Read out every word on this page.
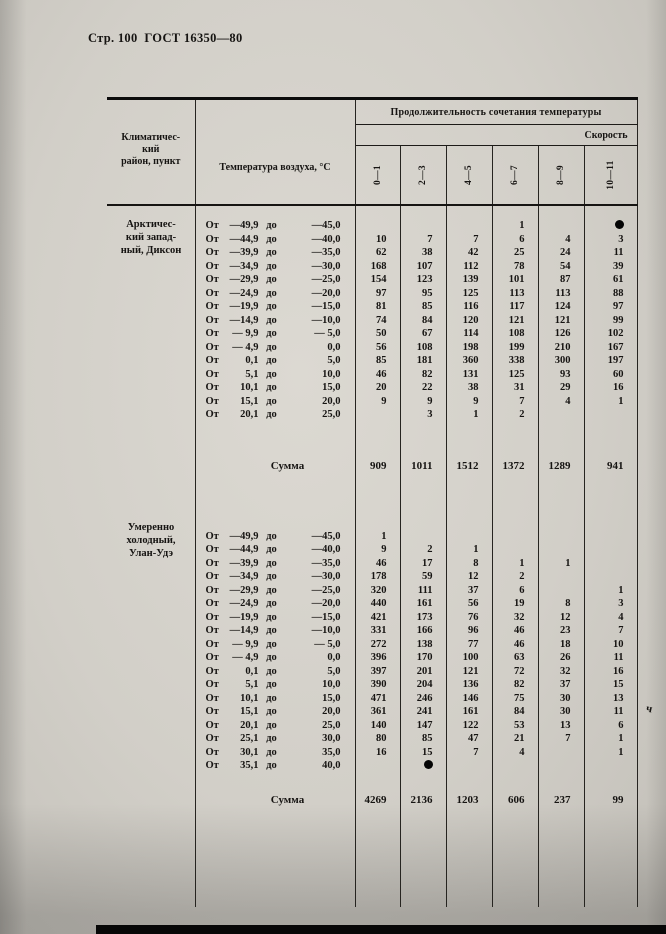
Стр. 100  ГОСТ 16350—80
Климатичес-
кий
район, пункт	Температура воздуха, °С	Продолжительность сочетания температуры					
		Скорость					

		0—1	2—3	4—5	6—7	8—9	10—11

	От —49,9 до —45,0				1		

	От —44,9 до —40,0	10	7	7	6	4	3

	От —39,9 до —35,0	62	38	42	25	24	11

	От —34,9 до —30,0	168	107	112	78	54	39

	От —29,9 до —25,0	154	123	139	101	87	61

	От —24,9 до —20,0	97	95	125	113	113	88

	От —19,9 до —15,0	81	85	116	117	124	97

	От —14,9 до —10,0	74	84	120	121	121	99

	От — 9,9 до — 5,0	50	67	114	108	126	102

	От — 4,9 до 0,0	56	108	198	199	210	167

	От 0,1 до 5,0	85	181	360	338	300	197

	От 5,1 до 10,0	46	82	131	125	93	60

	От 10,1 до 15,0	20	22	38	31	29	16

	От 15,1 до 20,0	9	9	9	7	4	1

	От 20,1 до 25,0		3	1	2		

	Сумма	909	1011	1512	1372	1289	941

	От —49,9 до —45,0	1					

	От —44,9 до —40,0	9	2	1			

	От —39,9 до —35,0	46	17	8	1	1	

	От —34,9 до —30,0	178	59	12	2		

	От —29,9 до —25,0	320	111	37	6		1

	От —24,9 до —20,0	440	161	56	19	8	3

	От —19,9 до —15,0	421	173	76	32	12	4

	От —14,9 до —10,0	331	166	96	46	23	7

	От — 9,9 до — 5,0	272	138	77	46	18	10

	От — 4,9 до 0,0	396	170	100	63	26	11

	От 0,1 до 5,0	397	201	121	72	32	16

	От 5,1 до 10,0	390	204	136	82	37	15

	От 10,1 до 15,0	471	246	146	75	30	13

	От 15,1 до 20,0	361	241	161	84	30	11

	От 20,1 до 25,0	140	147	122	53	13	6

	От 25,1 до 30,0	80	85	47	21	7	1

	От 30,1 до 35,0	16	15	7	4		1

	От 35,1 до 40,0						

	Сумма	4269	2136	1203	606	237	99

Арктичес-
кий запад-
ный, Диксон
Умеренно
холодный,
Улан-Удэ
ч
